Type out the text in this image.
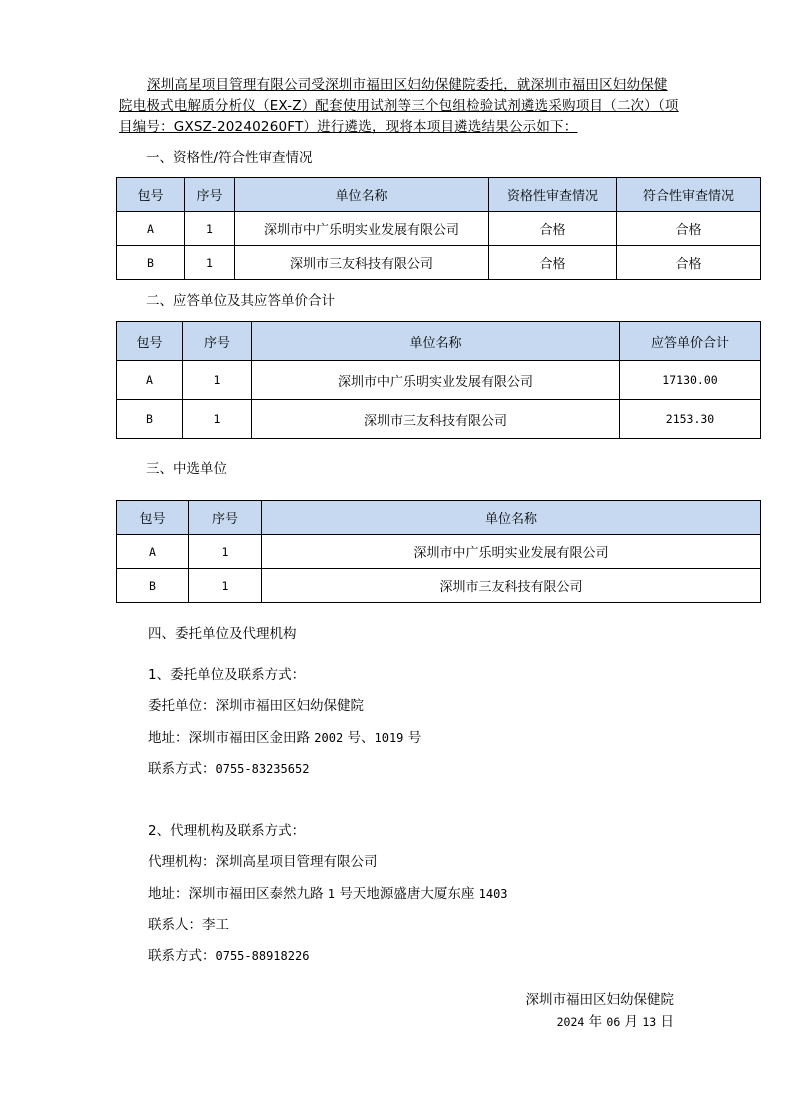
深圳高星项目管理有限公司受深圳市福田区妇幼保健院委托，就深圳市福田区妇幼保健院电极式电解质分析仪（EX-Z）配套使用试剂等三个包组检验试剂遴选采购项目（二次）（项目编号：GXSZ-20240260FT）进行遴选，现将本项目遴选结果公示如下：
一、资格性/符合性审查情况
包号	序号	单位名称	资格性审查情况	符合性审查情况
A	1	深圳市中广乐明实业发展有限公司	合格	合格
B	1	深圳市三友科技有限公司	合格	合格
二、应答单位及其应答单价合计
包号	序号	单位名称	应答单价合计
A	1	深圳市中广乐明实业发展有限公司	17130.00
B	1	深圳市三友科技有限公司	2153.30
三、中选单位
包号	序号	单位名称
A	1	深圳市中广乐明实业发展有限公司
B	1	深圳市三友科技有限公司
四、委托单位及代理机构
1、委托单位及联系方式：
委托单位：深圳市福田区妇幼保健院
地址：深圳市福田区金田路 2002 号、1019 号
联系方式：0755-83235652
2、代理机构及联系方式：
代理机构：深圳高星项目管理有限公司
地址：深圳市福田区泰然九路 1 号天地源盛唐大厦东座 1403
联系人：李工
联系方式：0755-88918226
深圳市福田区妇幼保健院
2024 年 06 月 13 日
